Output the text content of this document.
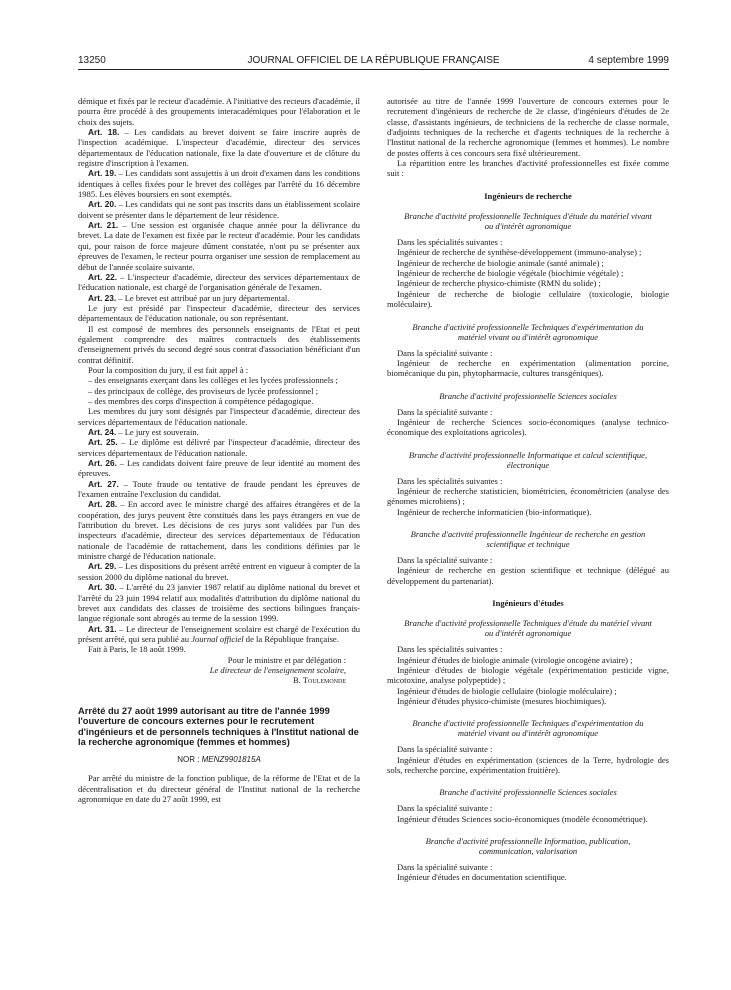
13250	JOURNAL OFFICIEL DE LA RÉPUBLIQUE FRANÇAISE	4 septembre 1999

démique et fixés par le recteur d'académie. A l'initiative des recteurs d'académie, il pourra être procédé à des groupements interacadémiques pour l'élaboration et le choix des sujets.

Art. 18. – Les candidats au brevet doivent se faire inscrire auprès de l'inspection académique. L'inspecteur d'académie, directeur des services départementaux de l'éducation nationale, fixe la date d'ouverture et de clôture du registre d'inscription à l'examen.

Art. 19. – Les candidats sont assujettis à un droit d'examen dans les conditions identiques à celles fixées pour le brevet des collèges par l'arrêté du 16 décembre 1985. Les élèves boursiers en sont exemptés.

Art. 20. – Les candidats qui ne sont pas inscrits dans un établissement scolaire doivent se présenter dans le département de leur résidence.

Art. 21. – Une session est organisée chaque année pour la délivrance du brevet. La date de l'examen est fixée par le recteur d'académie. Pour les candidats qui, pour raison de force majeure dûment constatée, n'ont pu se présenter aux épreuves de l'examen, le recteur pourra organiser une session de remplacement au début de l'année scolaire suivante.

Art. 22. – L'inspecteur d'académie, directeur des services départementaux de l'éducation nationale, est chargé de l'organisation générale de l'examen.

Art. 23. – Le brevet est attribué par un jury départemental.

Le jury est présidé par l'inspecteur d'académie, directeur des services départementaux de l'éducation nationale, ou son représentant.

Il est composé de membres des personnels enseignants de l'Etat et peut également comprendre des maîtres contractuels des établissements d'enseignement privés du second degré sous contrat d'association bénéficiant d'un contrat définitif.

Pour la composition du jury, il est fait appel à :

– des enseignants exerçant dans les collèges et les lycées professionnels ;
– des principaux de collège, des proviseurs de lycée professionnel ;
– des membres des corps d'inspection à compétence pédagogique.

Les membres du jury sont désignés par l'inspecteur d'académie, directeur des services départementaux de l'éducation nationale.

Art. 24. – Le jury est souverain.

Art. 25. – Le diplôme est délivré par l'inspecteur d'académie, directeur des services départementaux de l'éducation nationale.

Art. 26. – Les candidats doivent faire preuve de leur identité au moment des épreuves.

Art. 27. – Toute fraude ou tentative de fraude pendant les épreuves de l'examen entraîne l'exclusion du candidat.

Art. 28. – En accord avec le ministre chargé des affaires étrangères et de la coopération, des jurys peuvent être constitués dans les pays étrangers en vue de l'attribution du brevet. Les décisions de ces jurys sont validées par l'un des inspecteurs d'académie, directeur des services départementaux de l'éducation nationale de l'académie de rattachement, dans les conditions définies par le ministre chargé de l'éducation nationale.

Art. 29. – Les dispositions du présent arrêté entrent en vigueur à compter de la session 2000 du diplôme national du brevet.

Art. 30. – L'arrêté du 23 janvier 1987 relatif au diplôme national du brevet et l'arrêté du 23 juin 1994 relatif aux modalités d'attribution du diplôme national du brevet aux candidats des classes de troisième des sections bilingues français-langue régionale sont abrogés au terme de la session 1999.

Art. 31. – Le directeur de l'enseignement scolaire est chargé de l'exécution du présent arrêté, qui sera publié au Journal officiel de la République française.

Fait à Paris, le 18 août 1999.

Pour le ministre et par délégation :
Le directeur de l'enseignement scolaire,
B. Toulemonde
Arrêté du 27 août 1999 autorisant au titre de l'année 1999 l'ouverture de concours externes pour le recrutement d'ingénieurs et de personnels techniques à l'Institut national de la recherche agronomique (femmes et hommes)
NOR : MENZ9901815A

Par arrêté du ministre de la fonction publique, de la réforme de l'Etat et de la décentralisation et du directeur général de l'Institut national de la recherche agronomique en date du 27 août 1999, est

autorisée au titre de l'année 1999 l'ouverture de concours externes pour le recrutement d'ingénieurs de recherche de 2e classe, d'ingénieurs d'études de 2e classe, d'assistants ingénieurs, de techniciens de la recherche de classe normale, d'adjoints techniques de la recherche et d'agents techniques de la recherche à l'Institut national de la recherche agronomique (femmes et hommes). Le nombre de postes offerts à ces concours sera fixé ultérieurement.

La répartition entre les branches d'activité professionnelles est fixée comme suit :

Ingénieurs de recherche
Branche d'activité professionnelle Techniques d'étude du matériel vivant ou d'intérêt agronomique

Dans les spécialités suivantes :

Ingénieur de recherche de synthèse-développement (immuno-analyse) ;

Ingénieur de recherche de biologie animale (santé animale) ;

Ingénieur de recherche de biologie végétale (biochimie végétale) ;

Ingénieur de recherche physico-chimiste (RMN du solide) ;

Ingénieur de recherche de biologie cellulaire (toxicologie, biologie moléculaire).

Branche d'activité professionnelle Techniques d'expérimentation du matériel vivant ou d'intérêt agronomique

Dans la spécialité suivante :

Ingénieur de recherche en expérimentation (alimentation porcine, biomécanique du pin, phytopharmacie, cultures transgéniques).

Branche d'activité professionnelle Sciences sociales

Dans la spécialité suivante :

Ingénieur de recherche Sciences socio-économiques (analyse technico-économique des exploitations agricoles).

Branche d'activité professionnelle Informatique et calcul scientifique, électronique

Dans les spécialités suivantes :

Ingénieur de recherche statisticien, biométricien, économétricien (analyse des génomes microbiens) ;

Ingénieur de recherche informaticien (bio-informatique).

Branche d'activité professionnelle Ingénieur de recherche en gestion scientifique et technique

Dans la spécialité suivante :

Ingénieur de recherche en gestion scientifique et technique (délégué au développement du partenariat).

Ingénieurs d'études
Branche d'activité professionnelle Techniques d'étude du matériel vivant ou d'intérêt agronomique

Dans les spécialités suivantes :

Ingénieur d'études de biologie animale (virologie oncogène aviaire) ;

Ingénieur d'études de biologie végétale (expérimentation pesticide vigne, micotoxine, analyse polypeptide) ;

Ingénieur d'études de biologie cellulaire (biologie moléculaire) ;

Ingénieur d'études physico-chimiste (mesures biochimiques).

Branche d'activité professionnelle Techniques d'expérimentation du matériel vivant ou d'intérêt agronomique

Dans la spécialité suivante :

Ingénieur d'études en expérimentation (sciences de la Terre, hydrologie des sols, recherche porcine, expérimentation fruitière).

Branche d'activité professionnelle Sciences sociales

Dans la spécialité suivante :

Ingénieur d'études Sciences socio-économiques (modèle économétrique).

Branche d'activité professionnelle Information, publication, communication, valorisation

Dans la spécialité suivante :

Ingénieur d'études en documentation scientifique.
